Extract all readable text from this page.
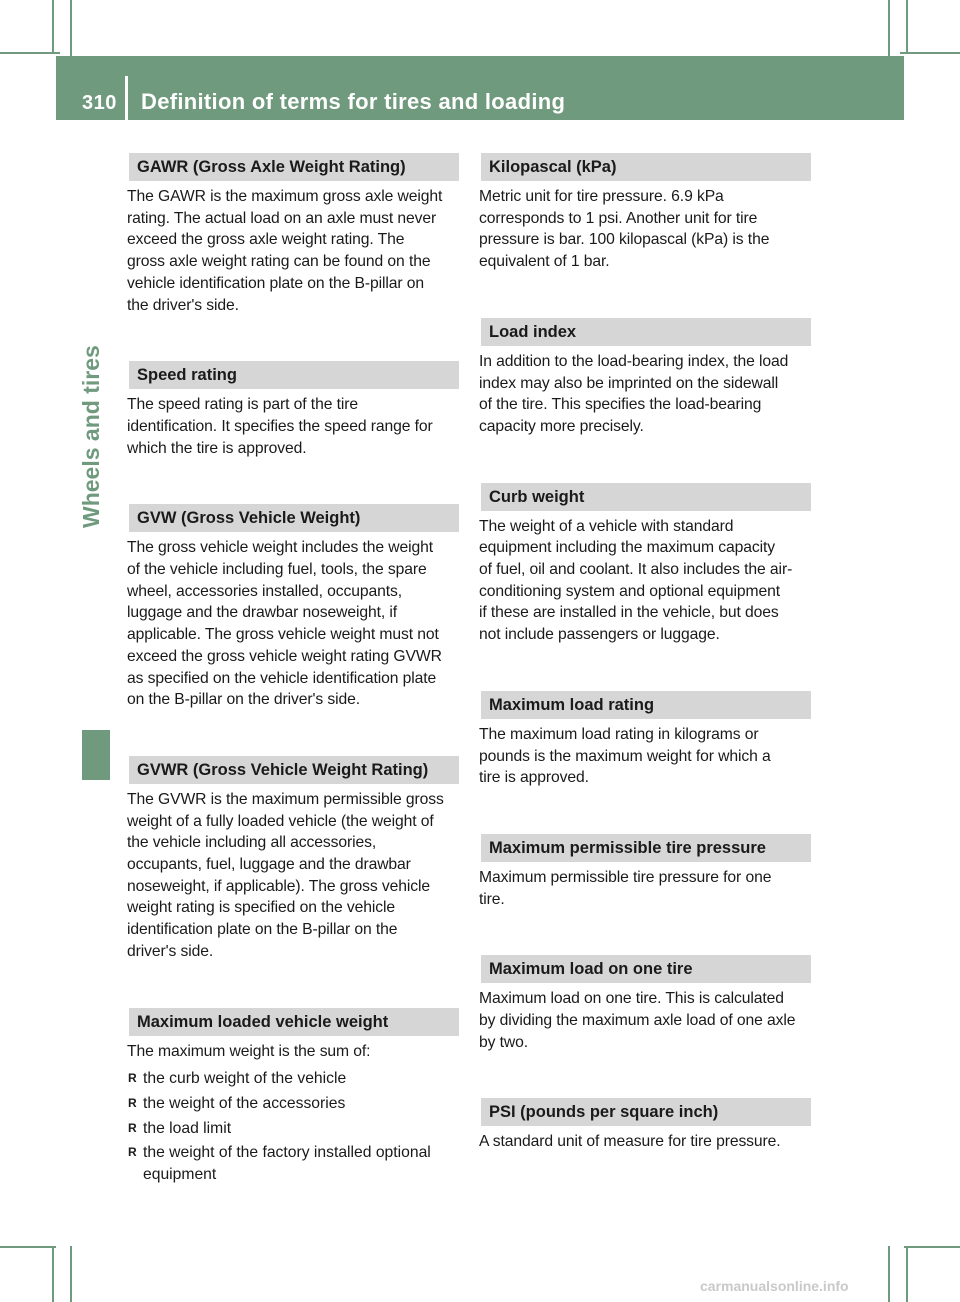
310 Definition of terms for tires and loading
Wheels and tires
GAWR (Gross Axle Weight Rating)
The GAWR is the maximum gross axle weight
rating. The actual load on an axle must never
exceed the gross axle weight rating. The
gross axle weight rating can be found on the
vehicle identification plate on the B-pillar on
the driver's side.
Speed rating
The speed rating is part of the tire
identification. It specifies the speed range for
which the tire is approved.
GVW (Gross Vehicle Weight)
The gross vehicle weight includes the weight
of the vehicle including fuel, tools, the spare
wheel, accessories installed, occupants,
luggage and the drawbar noseweight, if
applicable. The gross vehicle weight must not
exceed the gross vehicle weight rating GVWR
as specified on the vehicle identification plate
on the B-pillar on the driver's side.
GVWR (Gross Vehicle Weight Rating)
The GVWR is the maximum permissible gross
weight of a fully loaded vehicle (the weight of
the vehicle including all accessories,
occupants, fuel, luggage and the drawbar
noseweight, if applicable). The gross vehicle
weight rating is specified on the vehicle
identification plate on the B-pillar on the
driver's side.
Maximum loaded vehicle weight
The maximum weight is the sum of:
R the curb weight of the vehicle
R the weight of the accessories
R the load limit
R the weight of the factory installed optional
equipment
Kilopascal (kPa)
Metric unit for tire pressure. 6.9 kPa
corresponds to 1 psi. Another unit for tire
pressure is bar. 100 kilopascal (kPa) is the
equivalent of 1 bar.
Load index
In addition to the load-bearing index, the load
index may also be imprinted on the sidewall
of the tire. This specifies the load-bearing
capacity more precisely.
Curb weight
The weight of a vehicle with standard
equipment including the maximum capacity
of fuel, oil and coolant. It also includes the air-
conditioning system and optional equipment
if these are installed in the vehicle, but does
not include passengers or luggage.
Maximum load rating
The maximum load rating in kilograms or
pounds is the maximum weight for which a
tire is approved.
Maximum permissible tire pressure
Maximum permissible tire pressure for one
tire.
Maximum load on one tire
Maximum load on one tire. This is calculated
by dividing the maximum axle load of one axle
by two.
PSI (pounds per square inch)
A standard unit of measure for tire pressure.
carmanualsonline.info
